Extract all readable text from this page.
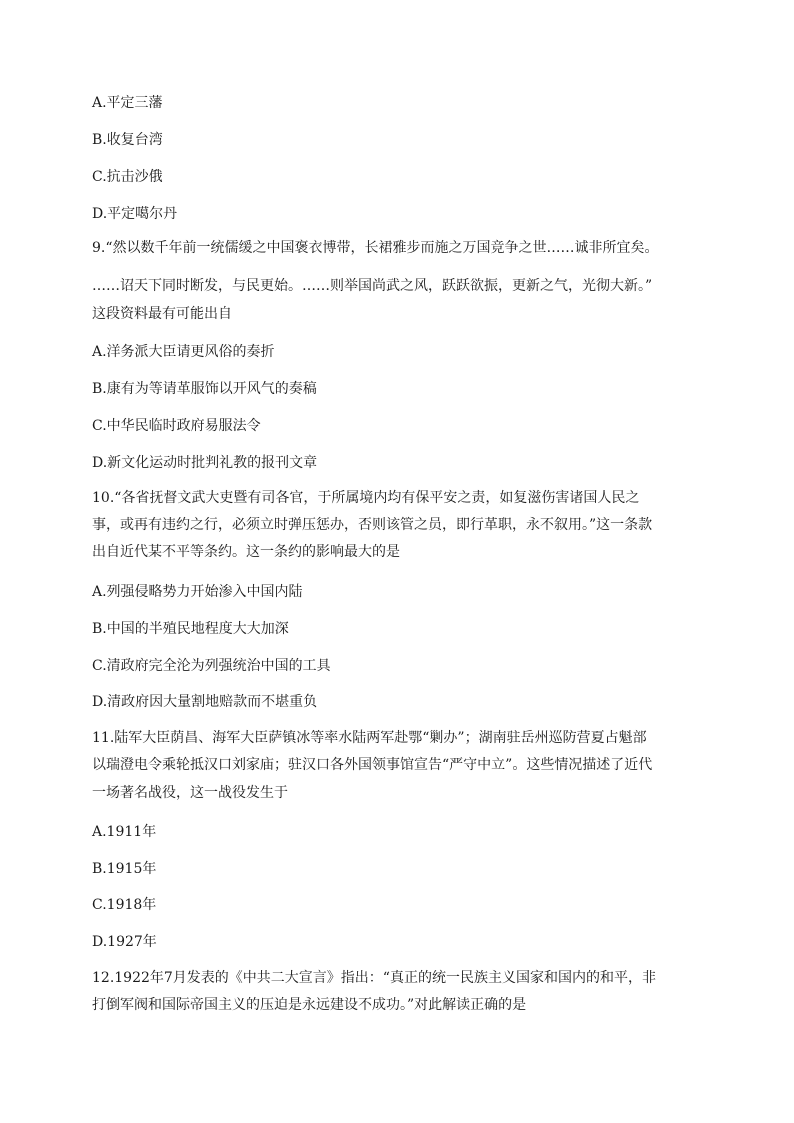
A.平定三藩
B.收复台湾
C.抗击沙俄
D.平定噶尔丹
9.“然以数千年前一统儒缓之中国褒衣博带，长裙雅步而施之万国竞争之世……诚非所宜矣。
……诏天下同时断发，与民更始。……则举国尚武之风，跃跃欲振，更新之气，光彻大新。”
这段资料最有可能出自
A.洋务派大臣请更风俗的奏折
B.康有为等请革服饰以开风气的奏稿
C.中华民临时政府易服法令
D.新文化运动时批判礼教的报刊文章
10.“各省抚督文武大吏暨有司各官，于所属境内均有保平安之责，如复滋伤害诸国人民之
事，或再有违约之行，必须立时弹压惩办，否则该管之员，即行革职，永不叙用。”这一条款
出自近代某不平等条约。这一条约的影响最大的是
A.列强侵略势力开始渗入中国内陆
B.中国的半殖民地程度大大加深
C.清政府完全沦为列强统治中国的工具
D.清政府因大量割地赔款而不堪重负
11.陆军大臣荫昌、海军大臣萨镇冰等率水陆两军赴鄂“剿办”；湖南驻岳州巡防营夏占魁部
以瑞澄电令乘轮抵汉口刘家庙；驻汉口各外国领事馆宣告“严守中立”。这些情况描述了近代
一场著名战役，这一战役发生于
A.1911年
B.1915年
C.1918年
D.1927年
12.1922年7月发表的《中共二大宣言》指出：“真正的统一民族主义国家和国内的和平，非
打倒军阀和国际帝国主义的压迫是永远建设不成功。”对此解读正确的是
